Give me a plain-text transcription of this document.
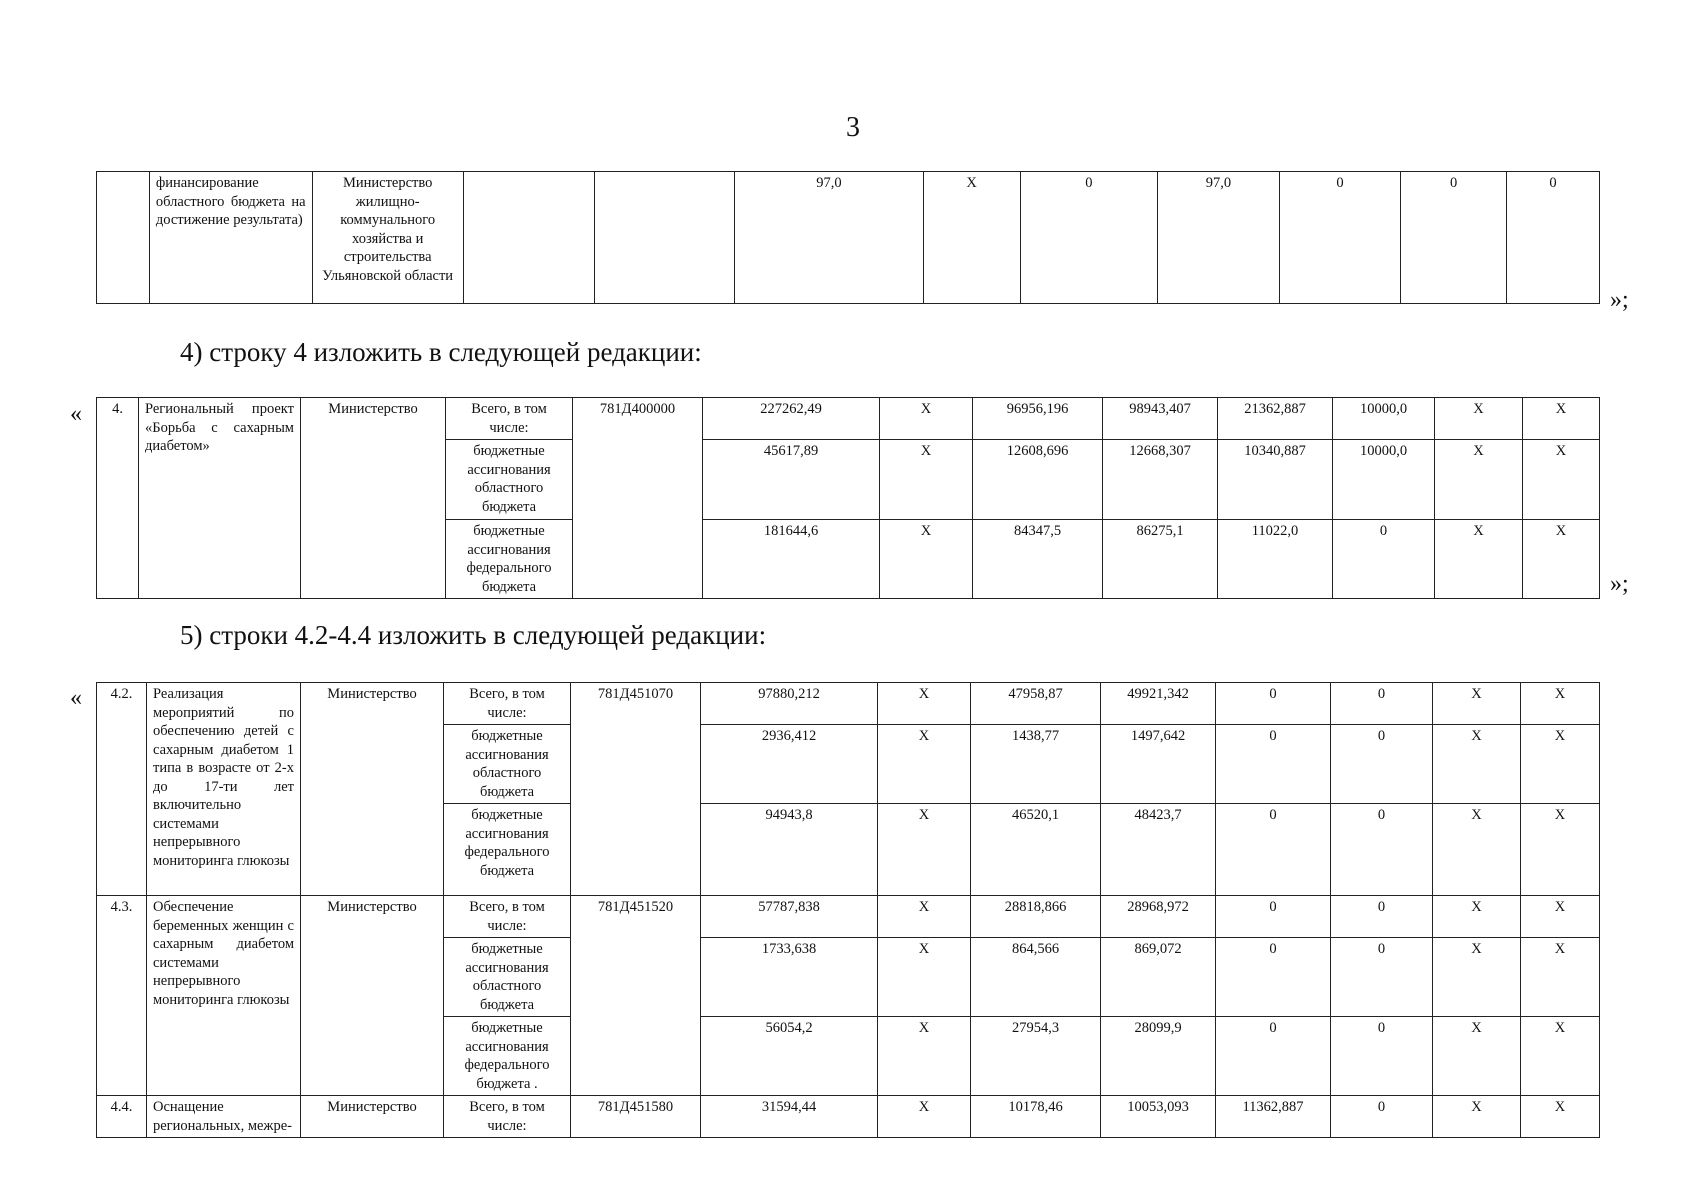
3
	финансирование областного бюджета на достижение результата)	Министерство жилищно-коммунального хозяйства и строительства Ульяновской области			97,0	X	0	97,0	0	0	0
»;
4) строку 4 изложить в следующей редакции:
« 4.	Региональный проект «Борьба с сахарным диабетом»	Министерство	Всего, в том числе:	781Д400000	227262,49	X	96956,196	98943,407	21362,887	10000,0	X	X
			бюджетные ассигнования областного бюджета		45617,89	X	12608,696	12668,307	10340,887	10000,0	X	X
			бюджетные ассигнования федерального бюджета		181644,6	X	84347,5	86275,1	11022,0	0	X	X
»;
5) строки 4.2-4.4 изложить в следующей редакции:
« 4.2.	Реализация мероприятий по обеспечению детей с сахарным диабетом 1 типа в возрасте от 2-х до 17-ти лет включительно системами непрерывного мониторинга глюкозы	Министерство	Всего, в том числе:	781Д451070	97880,212	X	47958,87	49921,342	0	0	X	X
			бюджетные ассигнования областного бюджета		2936,412	X	1438,77	1497,642	0	0	X	X
			бюджетные ассигнования федерального бюджета		94943,8	X	46520,1	48423,7	0	0	X	X
4.3.	Обеспечение беременных женщин с сахарным диабетом системами непрерывного мониторинга глюкозы	Министерство	Всего, в том числе:	781Д451520	57787,838	X	28818,866	28968,972	0	0	X	X
			бюджетные ассигнования областного бюджета		1733,638	X	864,566	869,072	0	0	X	X
			бюджетные ассигнования федерального бюджета .		56054,2	X	27954,3	28099,9	0	0	X	X
4.4.	Оснащение региональных, межре-	Министерство	Всего, в том числе:	781Д451580	31594,44	X	10178,46	10053,093	11362,887	0	X	X
